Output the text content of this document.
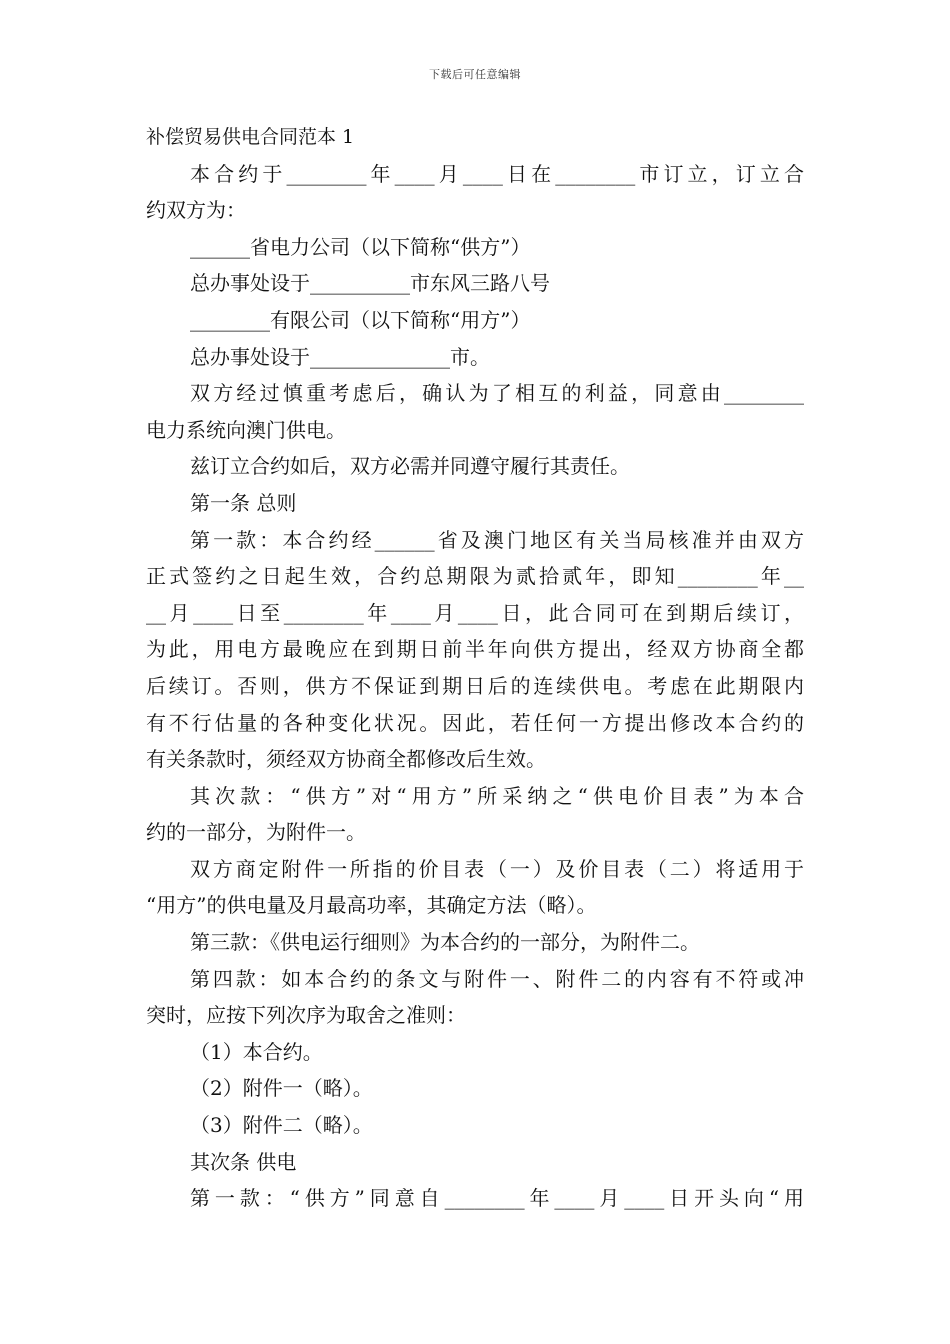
下载后可任意编辑
补偿贸易供电合同范本 1
本合约于________年____月____日在________市订立，订立合
约双方为：
______省电力公司（以下简称“供方”）
总办事处设于__________市东风三路八号
________有限公司（以下简称“用方”）
总办事处设于______________市。
双方经过慎重考虑后，确认为了相互的利益，同意由________
电力系统向澳门供电。
兹订立合约如后，双方必需并同遵守履行其责任。
第一条 总则
第一款：本合约经______省及澳门地区有关当局核准并由双方
正式签约之日起生效，合约总期限为贰拾贰年，即知________年__
__月____日至________年____月____日，此合同可在到期后续订，
为此，用电方最晚应在到期日前半年向供方提出，经双方协商全都
后续订。否则，供方不保证到期日后的连续供电。考虑在此期限内
有不行估量的各种变化状况。因此，若任何一方提出修改本合约的
有关条款时，须经双方协商全都修改后生效。
其次款：“供方”对“用方”所采纳之“供电价目表”为本合
约的一部分，为附件一。
双方商定附件一所指的价目表（一）及价目表（二）将适用于
“用方”的供电量及月最高功率，其确定方法（略）。
第三款：《供电运行细则》为本合约的一部分，为附件二。
第四款：如本合约的条文与附件一、附件二的内容有不符或冲
突时，应按下列次序为取舍之准则：
（1）本合约。
（2）附件一（略）。
（3）附件二（略）。
其次条 供电
第一款：“供方”同意自________年____月____日开头向“用
